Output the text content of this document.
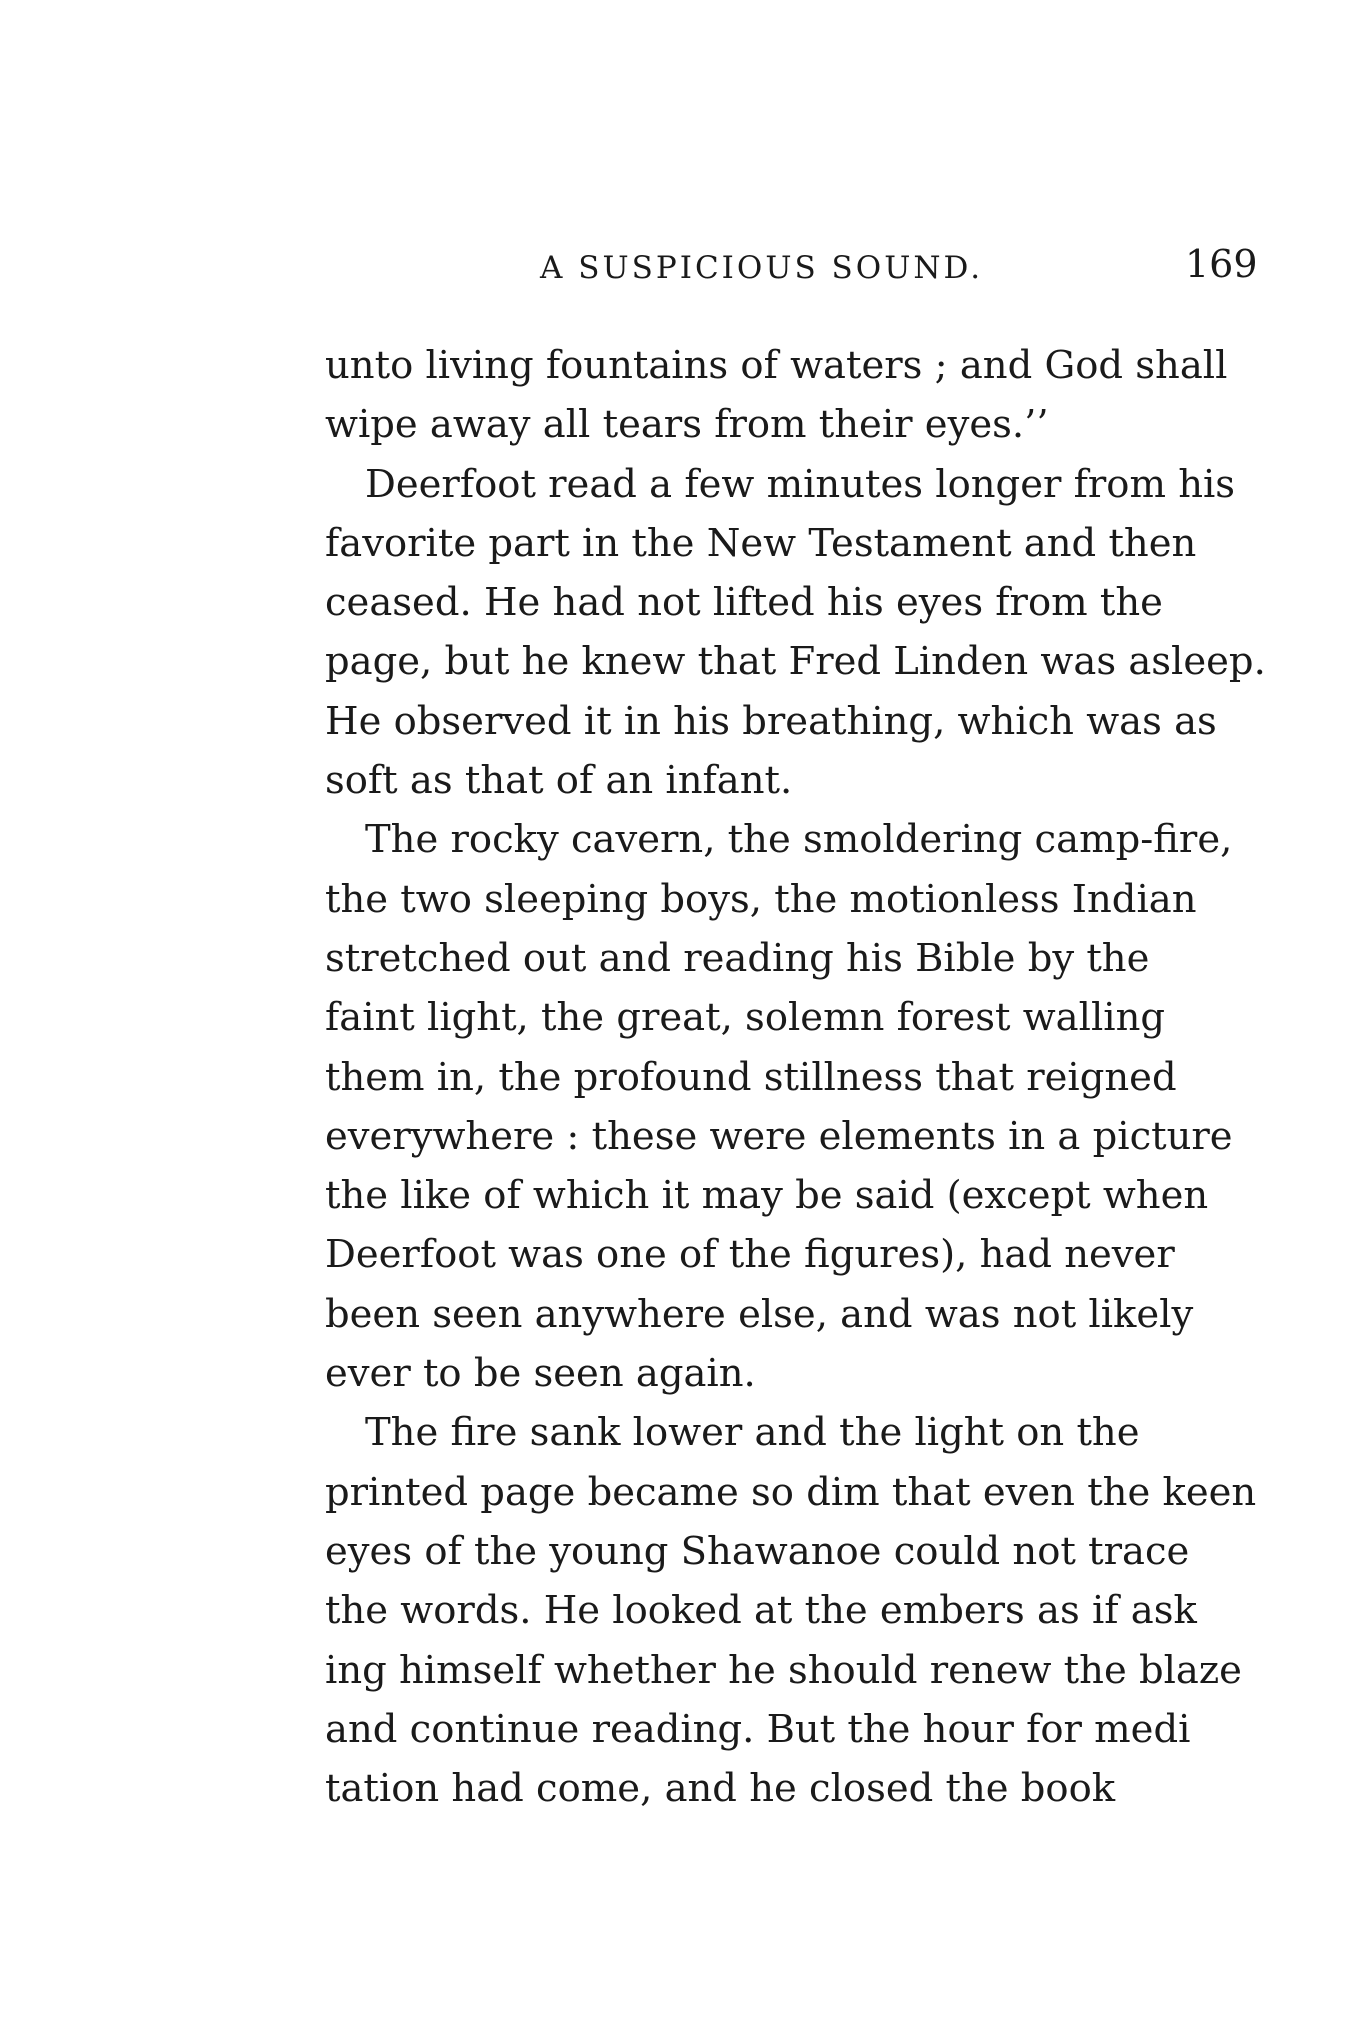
A SUSPICIOUS SOUND.	169
unto living fountains of waters ; and God shall
wipe away all tears from their eyes.’’
Deerfoot read a few minutes longer from his
favorite part in the New Testament and then
ceased. He had not lifted his eyes from the
page, but he knew that Fred Linden was asleep.
He observed it in his breathing, which was as
soft as that of an infant.
The rocky cavern, the smoldering camp-fire,
the two sleeping boys, the motionless Indian
stretched out and reading his Bible by the
faint light, the great, solemn forest walling
them in, the profound stillness that reigned
everywhere : these were elements in a picture
the like of which it may be said (except when
Deerfoot was one of the figures), had never
been seen anywhere else, and was not likely
ever to be seen again.
The fire sank lower and the light on the
printed page became so dim that even the keen
eyes of the young Shawanoe could not trace
the words. He looked at the embers as if ask
ing himself whether he should renew the blaze
and continue reading. But the hour for medi
tation had come, and he closed the book
